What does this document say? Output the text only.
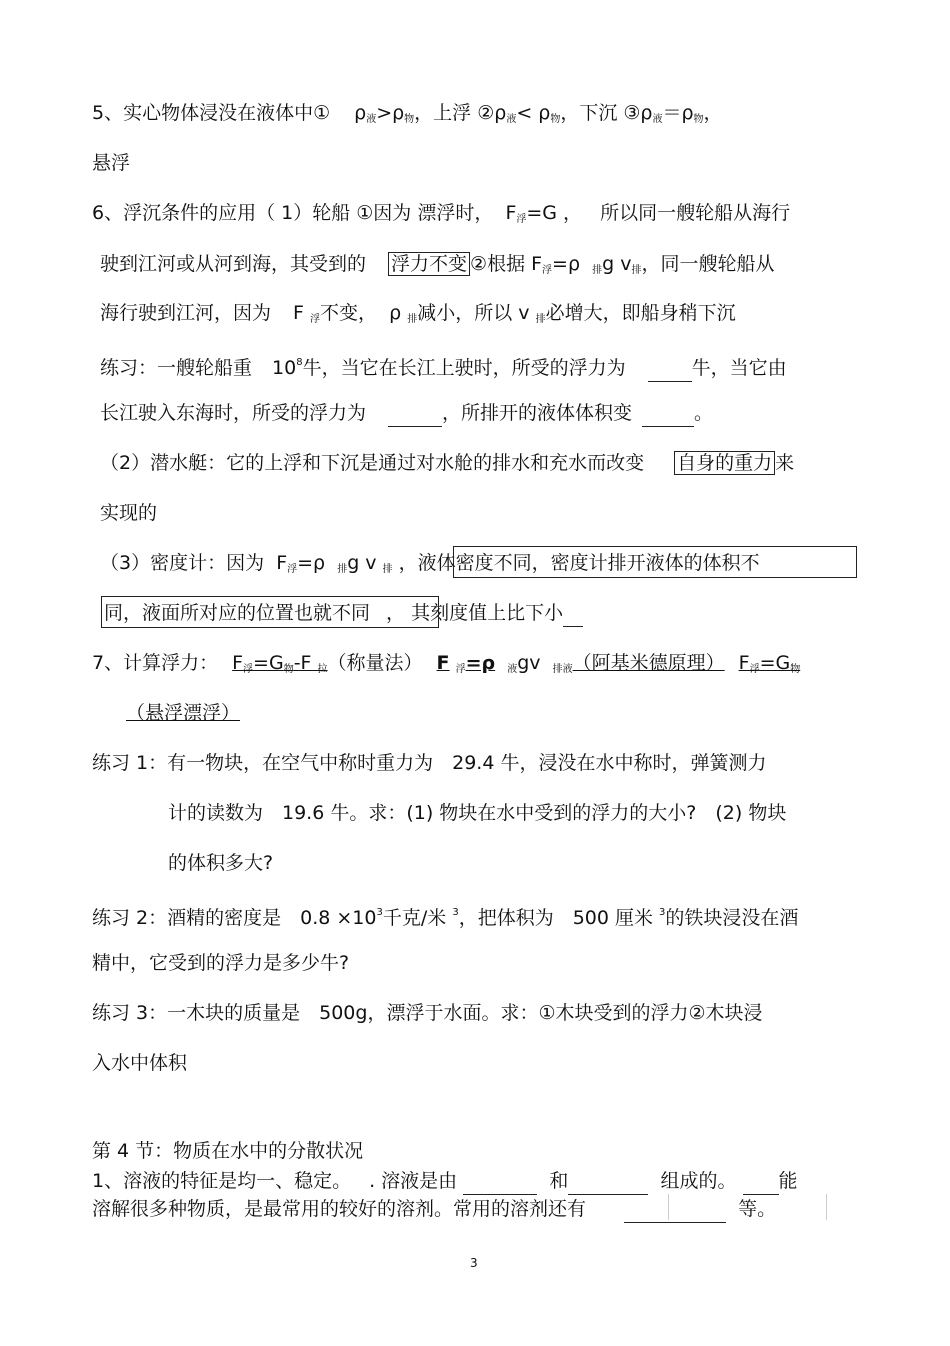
5、实心物体浸没在液体中① $\rho_液>\rho_物$，上浮 $②\rho_液< \rho_物$，下沉 $③\rho_液=\rho_物$，
悬浮
6、浮沉条件的应用（ 1）轮船 ①因为 漂浮时， $F_浮=G$ ， 所以同一艘轮船从海行
驶到江河或从河到海，其受到的 浮力不变 ②根据 $F_浮=\rho$ $_排$g $v_排$，同一艘轮船从
海行驶到江河，因为 F $_浮$不变， ρ $_排$减小，所以 v $_排$必增大，即船身稍下沉
练习：一艘轮船重 $10^8$牛，当它在长江上驶时，所受的浮力为	牛，当它由
长江驶入东海时，所受的浮力为	，所排开的液体体积变	。
（2）潜水艇：它的上浮和下沉是通过对水舱的排水和充水而改变 自身的重力 来
实现的
（3）密度计：因为 $F_浮=\rho$ $_排$g v $_排$ ，液体密度不同，密度计排开液体的体积不
同，液面所对应的位置也就不同 ， 其刻度值上比下小
7、计算浮力： $F_浮=G_物-F$ $_拉$（称量法） F $_浮$=ρ $_液$gv $_{排液}$（阿基米德原理） $F_浮=G_物$
（悬浮漂浮）
练习 1：有一物块，在空气中称时重力为　29.4 牛，浸没在水中称时，弹簧测力
计的读数为　19.6 牛。求：(1) 物块在水中受到的浮力的大小?　(2) 物块
的体积多大?
练习 2：酒精的密度是　$0.8 \times 10^3$千克/米 $^3$，把体积为　500 厘米 $^3$的铁块浸没在酒
精中，它受到的浮力是多少牛?
练习 3：一木块的质量是　500g，漂浮于水面。求：①木块受到的浮力②木块浸
入水中体积
第 4 节：物质在水中的分散状况
1、溶液的特征是均一、稳定。 . 溶液是由	和	组成的。 能
溶解很多种物质，是最常用的较好的溶剂。常用的溶剂还有	等。
3
